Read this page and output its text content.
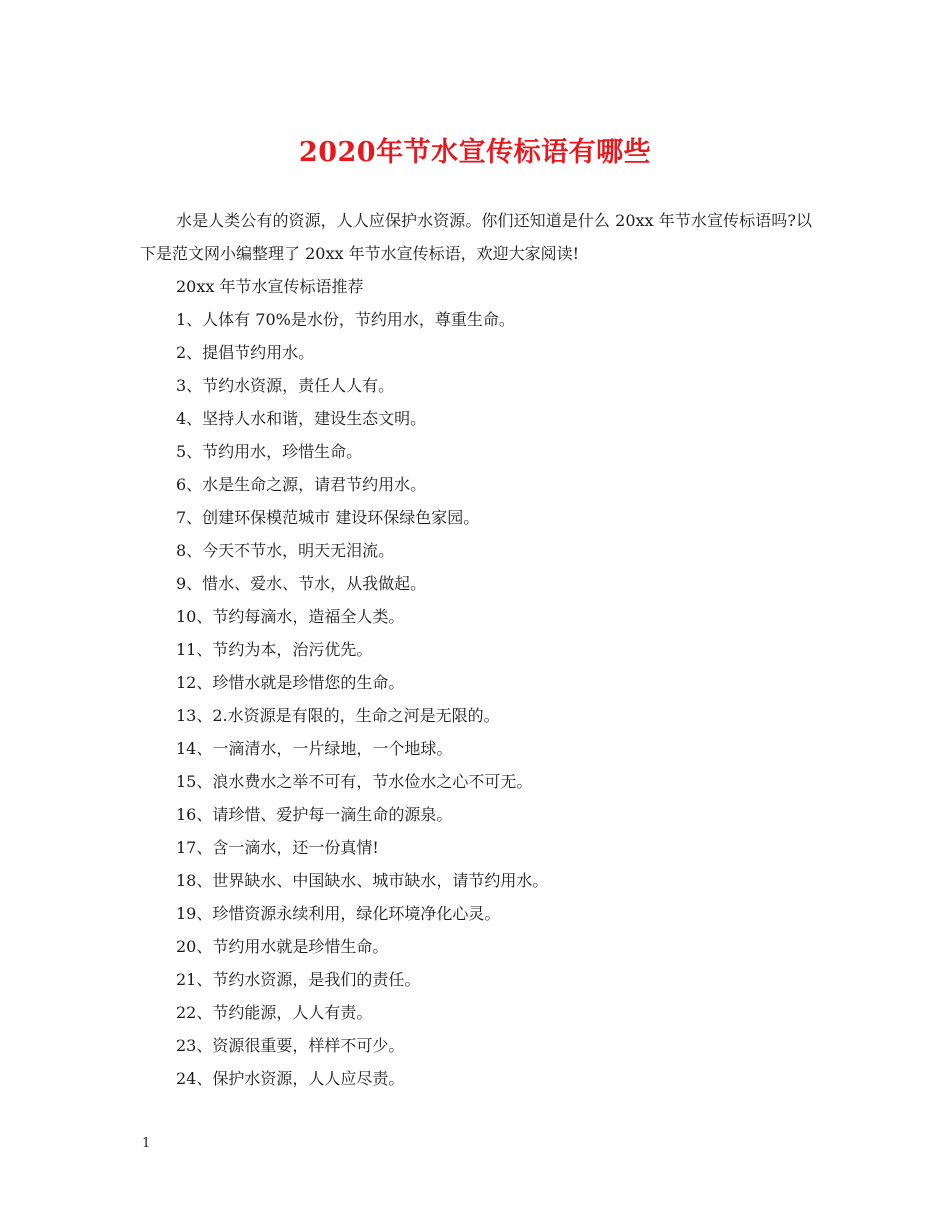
2020年节水宣传标语有哪些

水是人类公有的资源，人人应保护水资源。你们还知道是什么 20xx 年节水宣传标语吗?以下是范文网小编整理了 20xx 年节水宣传标语，欢迎大家阅读!

20xx 年节水宣传标语推荐

1、人体有 70%是水份，节约用水，尊重生命。
2、提倡节约用水。
3、节约水资源，责任人人有。
4、坚持人水和谐，建设生态文明。
5、节约用水，珍惜生命。
6、水是生命之源，请君节约用水。
7、创建环保模范城市 建设环保绿色家园。
8、今天不节水，明天无泪流。
9、惜水、爱水、节水，从我做起。
10、节约每滴水，造福全人类。
11、节约为本，治污优先。
12、珍惜水就是珍惜您的生命。
13、2.水资源是有限的，生命之河是无限的。
14、一滴清水，一片绿地，一个地球。
15、浪水费水之举不可有，节水俭水之心不可无。
16、请珍惜、爱护每一滴生命的源泉。
17、含一滴水，还一份真情!
18、世界缺水、中国缺水、城市缺水，请节约用水。
19、珍惜资源永续利用，绿化环境净化心灵。
20、节约用水就是珍惜生命。
21、节约水资源，是我们的责任。
22、节约能源，人人有责。
23、资源很重要，样样不可少。
24、保护水资源，人人应尽责。
1
